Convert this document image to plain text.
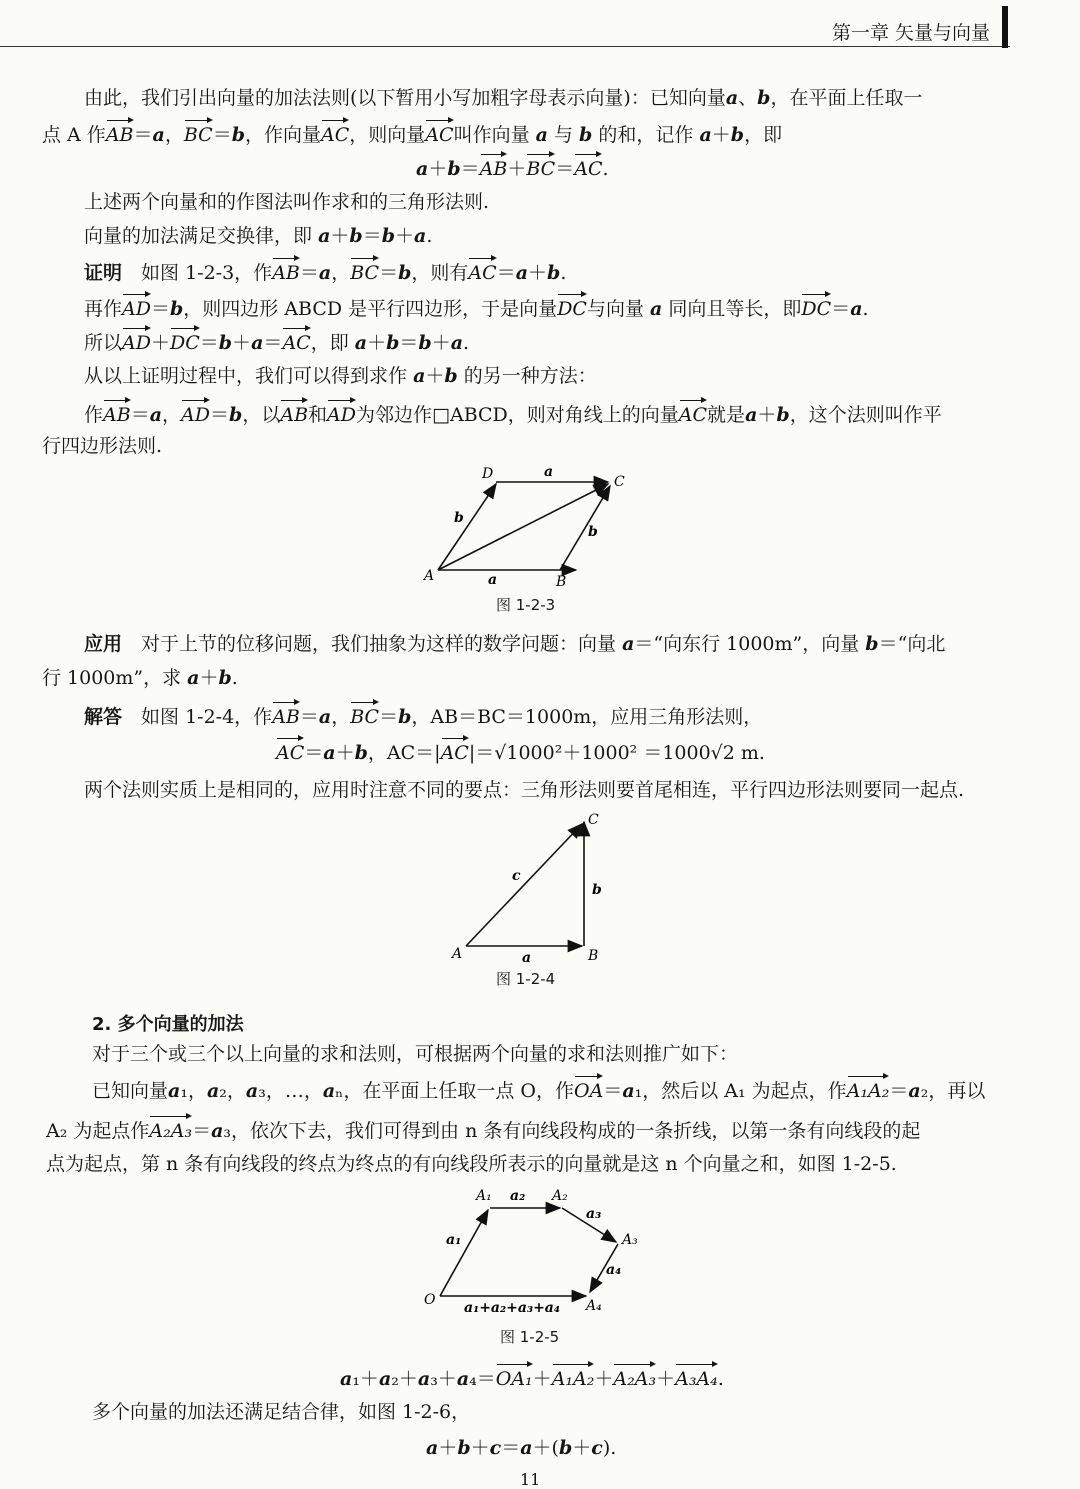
第一章 矢量与向量
由此，我们引出向量的加法法则(以下暂用小写加粗字母表示向量)：已知向量a、b，在平面上任取一
点 A 作AB＝a，BC＝b，作向量AC，则向量AC叫作向量 a 与 b 的和，记作 a＋b，即
a＋b＝AB＋BC＝AC.
上述两个向量和的作图法叫作求和的三角形法则.
向量的加法满足交换律，即 a＋b＝b＋a.
证明　 如图 1-2-3，作AB＝a，BC＝b，则有AC＝a＋b.
再作AD＝b，则四边形 ABCD 是平行四边形，于是向量DC与向量 a 同向且等长，即DC＝a.
所以AD＋DC＝b＋a＝AC，即 a＋b＝b＋a.
从以上证明过程中，我们可以得到求作 a＋b 的另一种方法：
作AB＝a，AD＝b，以AB和AD为邻边作□ABCD，则对角线上的向量AC就是a＋b，这个法则叫作平
行四边形法则.
A	B
C
D
a
a
b
b
图 1-2-3
应用　 对于上节的位移问题，我们抽象为这样的数学问题：向量 a＝“向东行 1000m”，向量 b＝“向北
行 1000m”，求 a＋b.
解答　 如图 1-2-4，作AB＝a，BC＝b，AB＝BC＝1000m，应用三角形法则，
AC＝a＋b，AC＝|AC|＝√1000²＋1000² ＝1000√2 m.
两个法则实质上是相同的，应用时注意不同的要点：三角形法则要首尾相连，平行四边形法则要同一起点.
A	B
C
a
b
c
图 1-2-4
2. 多个向量的加法
对于三个或三个以上向量的求和法则，可根据两个向量的求和法则推广如下：
已知向量a₁，a₂，a₃，…，aₙ，在平面上任取一点 O，作OA＝a₁，然后以 A₁ 为起点，作A₁A₂＝a₂，再以
A₂ 为起点作A₂A₃＝a₃，依次下去，我们可得到由 n 条有向线段构成的一条折线，以第一条有向线段的起
点为起点，第 n 条有向线段的终点为终点的有向线段所表示的向量就是这 n 个向量之和，如图 1-2-5.
O
A₁	A₂
A₃
A₄
a₂
a₁
a₃
a₄
a₁+a₂+a₃+a₄
图 1-2-5
a₁＋a₂＋a₃＋a₄＝OA₁＋A₁A₂＋A₂A₃＋A₃A₄.
多个向量的加法还满足结合律，如图 1-2-6，
a＋b＋c＝a＋(b＋c).
11
